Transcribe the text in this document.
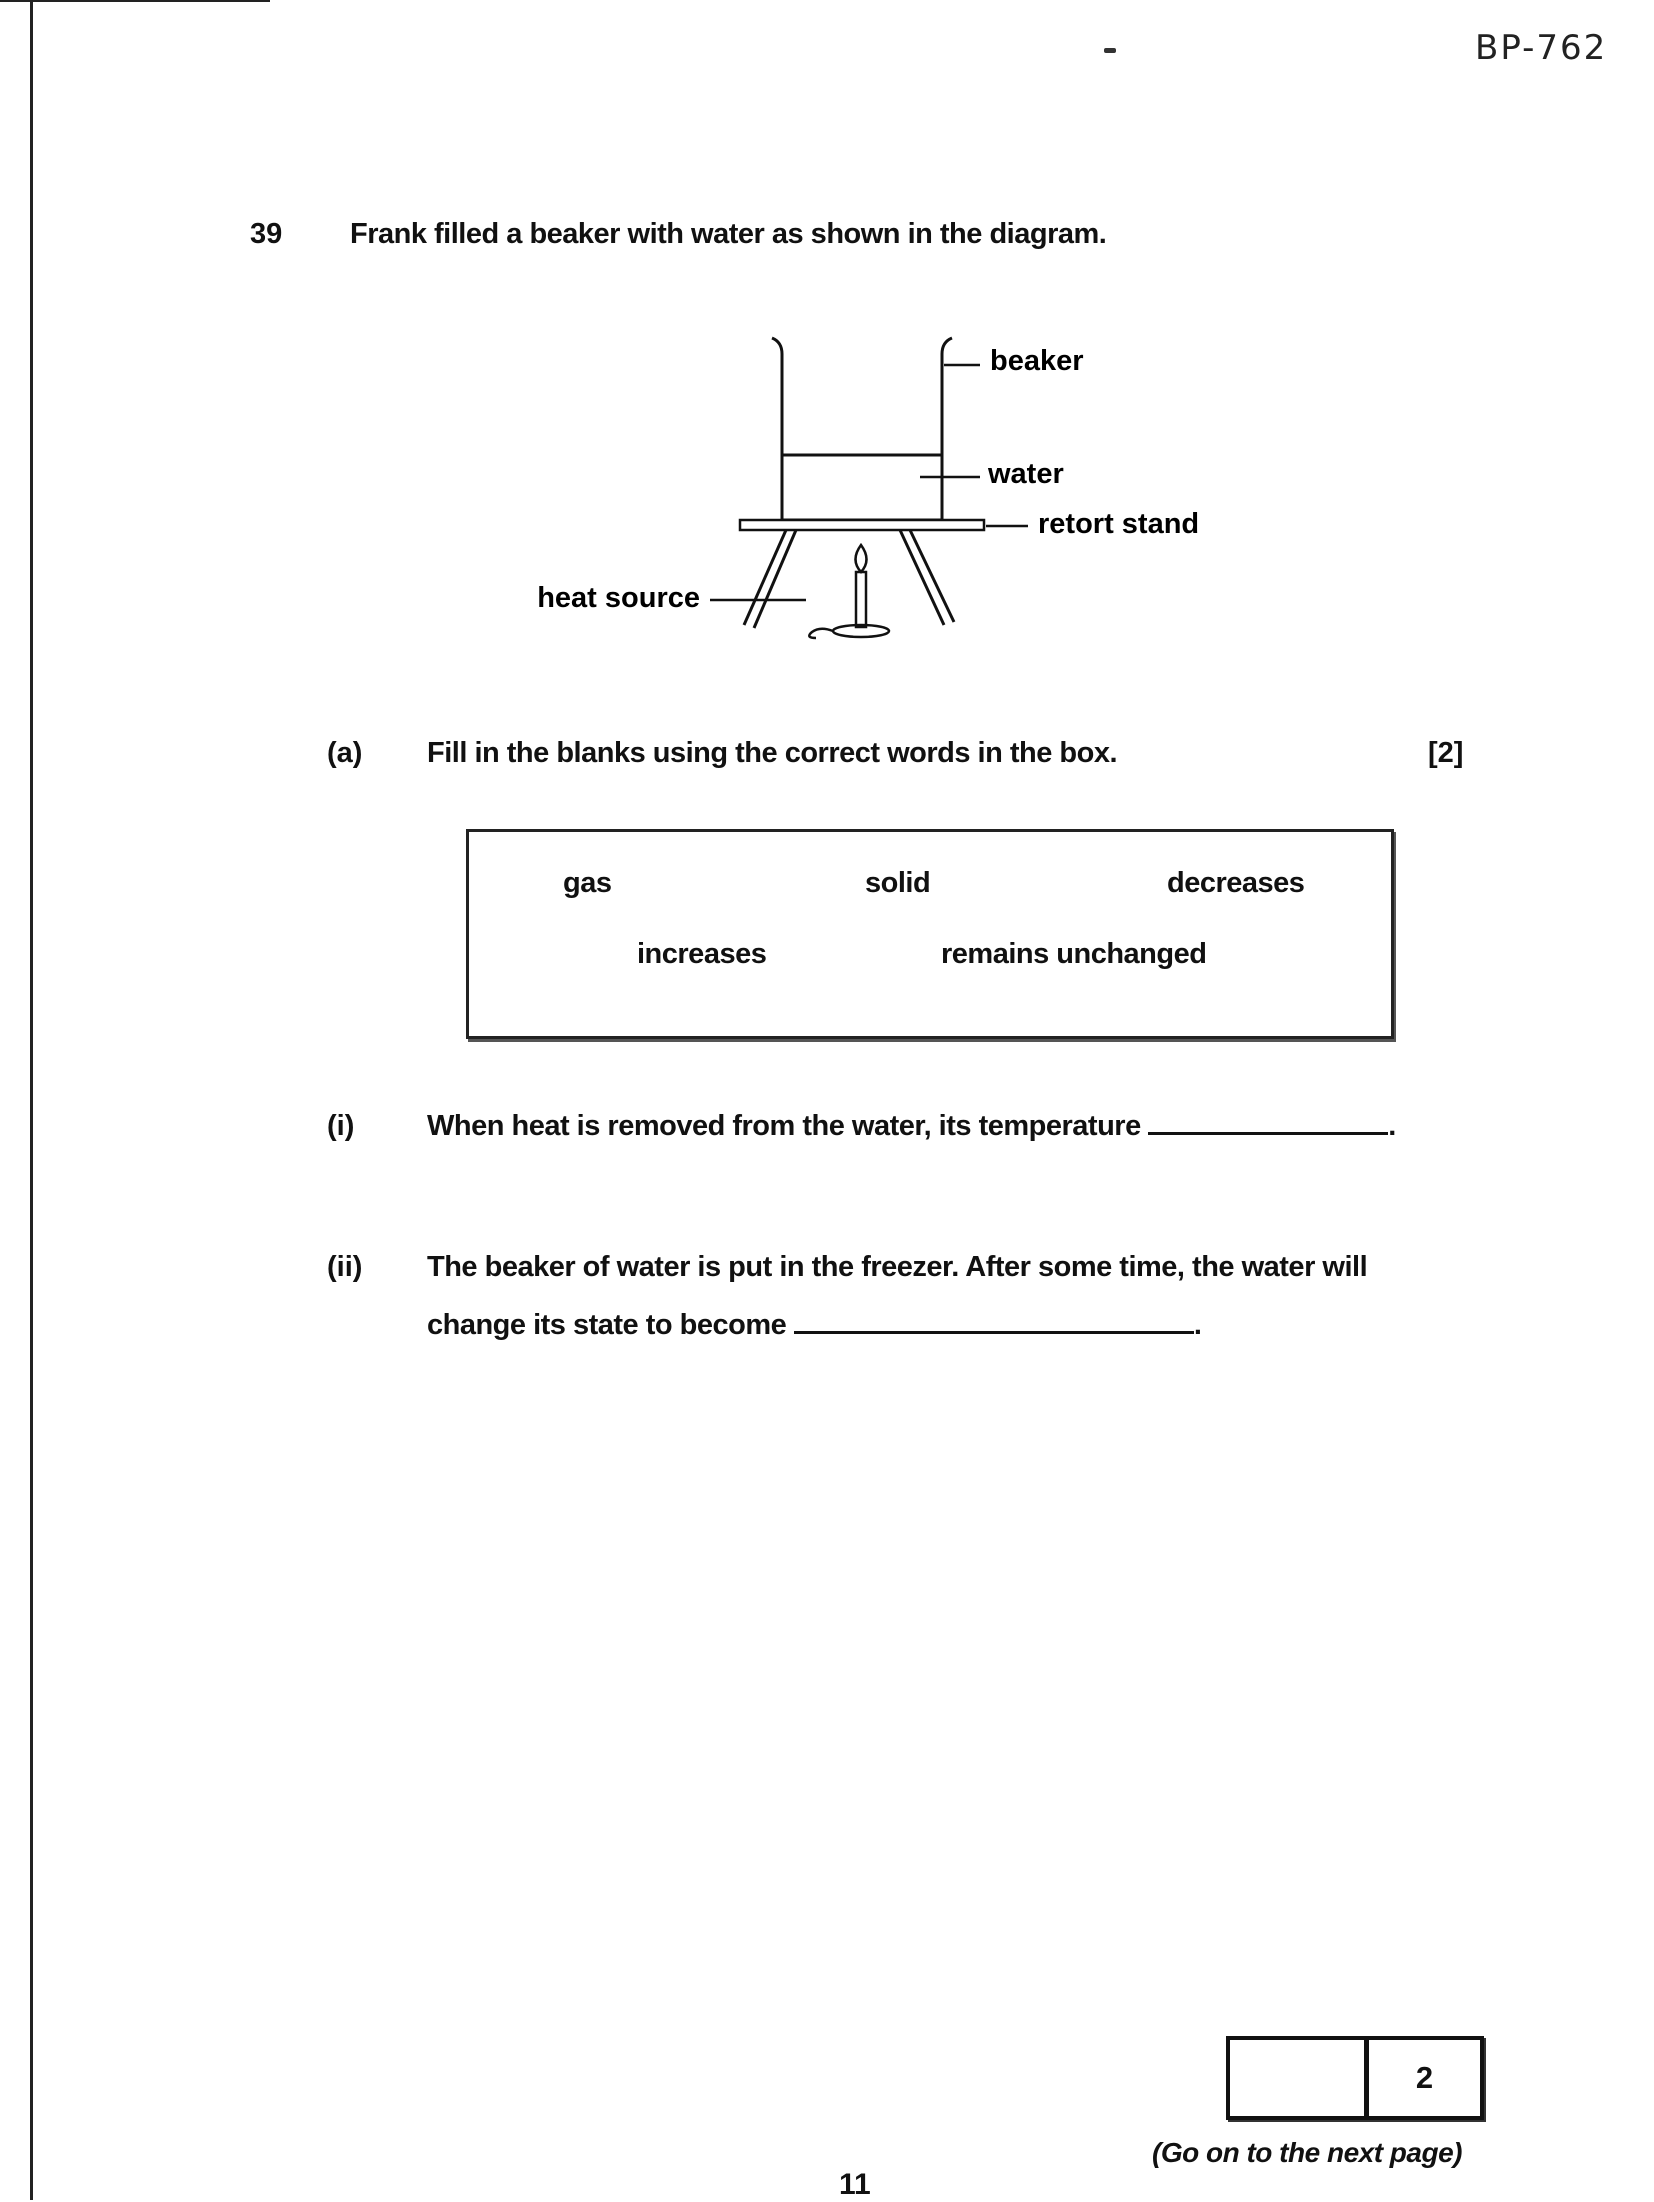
BP-762
39 Frank filled a beaker with water as shown in the diagram.
beaker
water
retort stand
heat source
(a) Fill in the blanks using the correct words in the box.	[2]
gas	solid	decreases
increases	remains unchanged
(i)	When heat is removed from the water, its temperature	.
(ii) The beaker of water is put in the freezer. After some time, the water will
change its state to become	.
2
(Go on to the next page)
11
